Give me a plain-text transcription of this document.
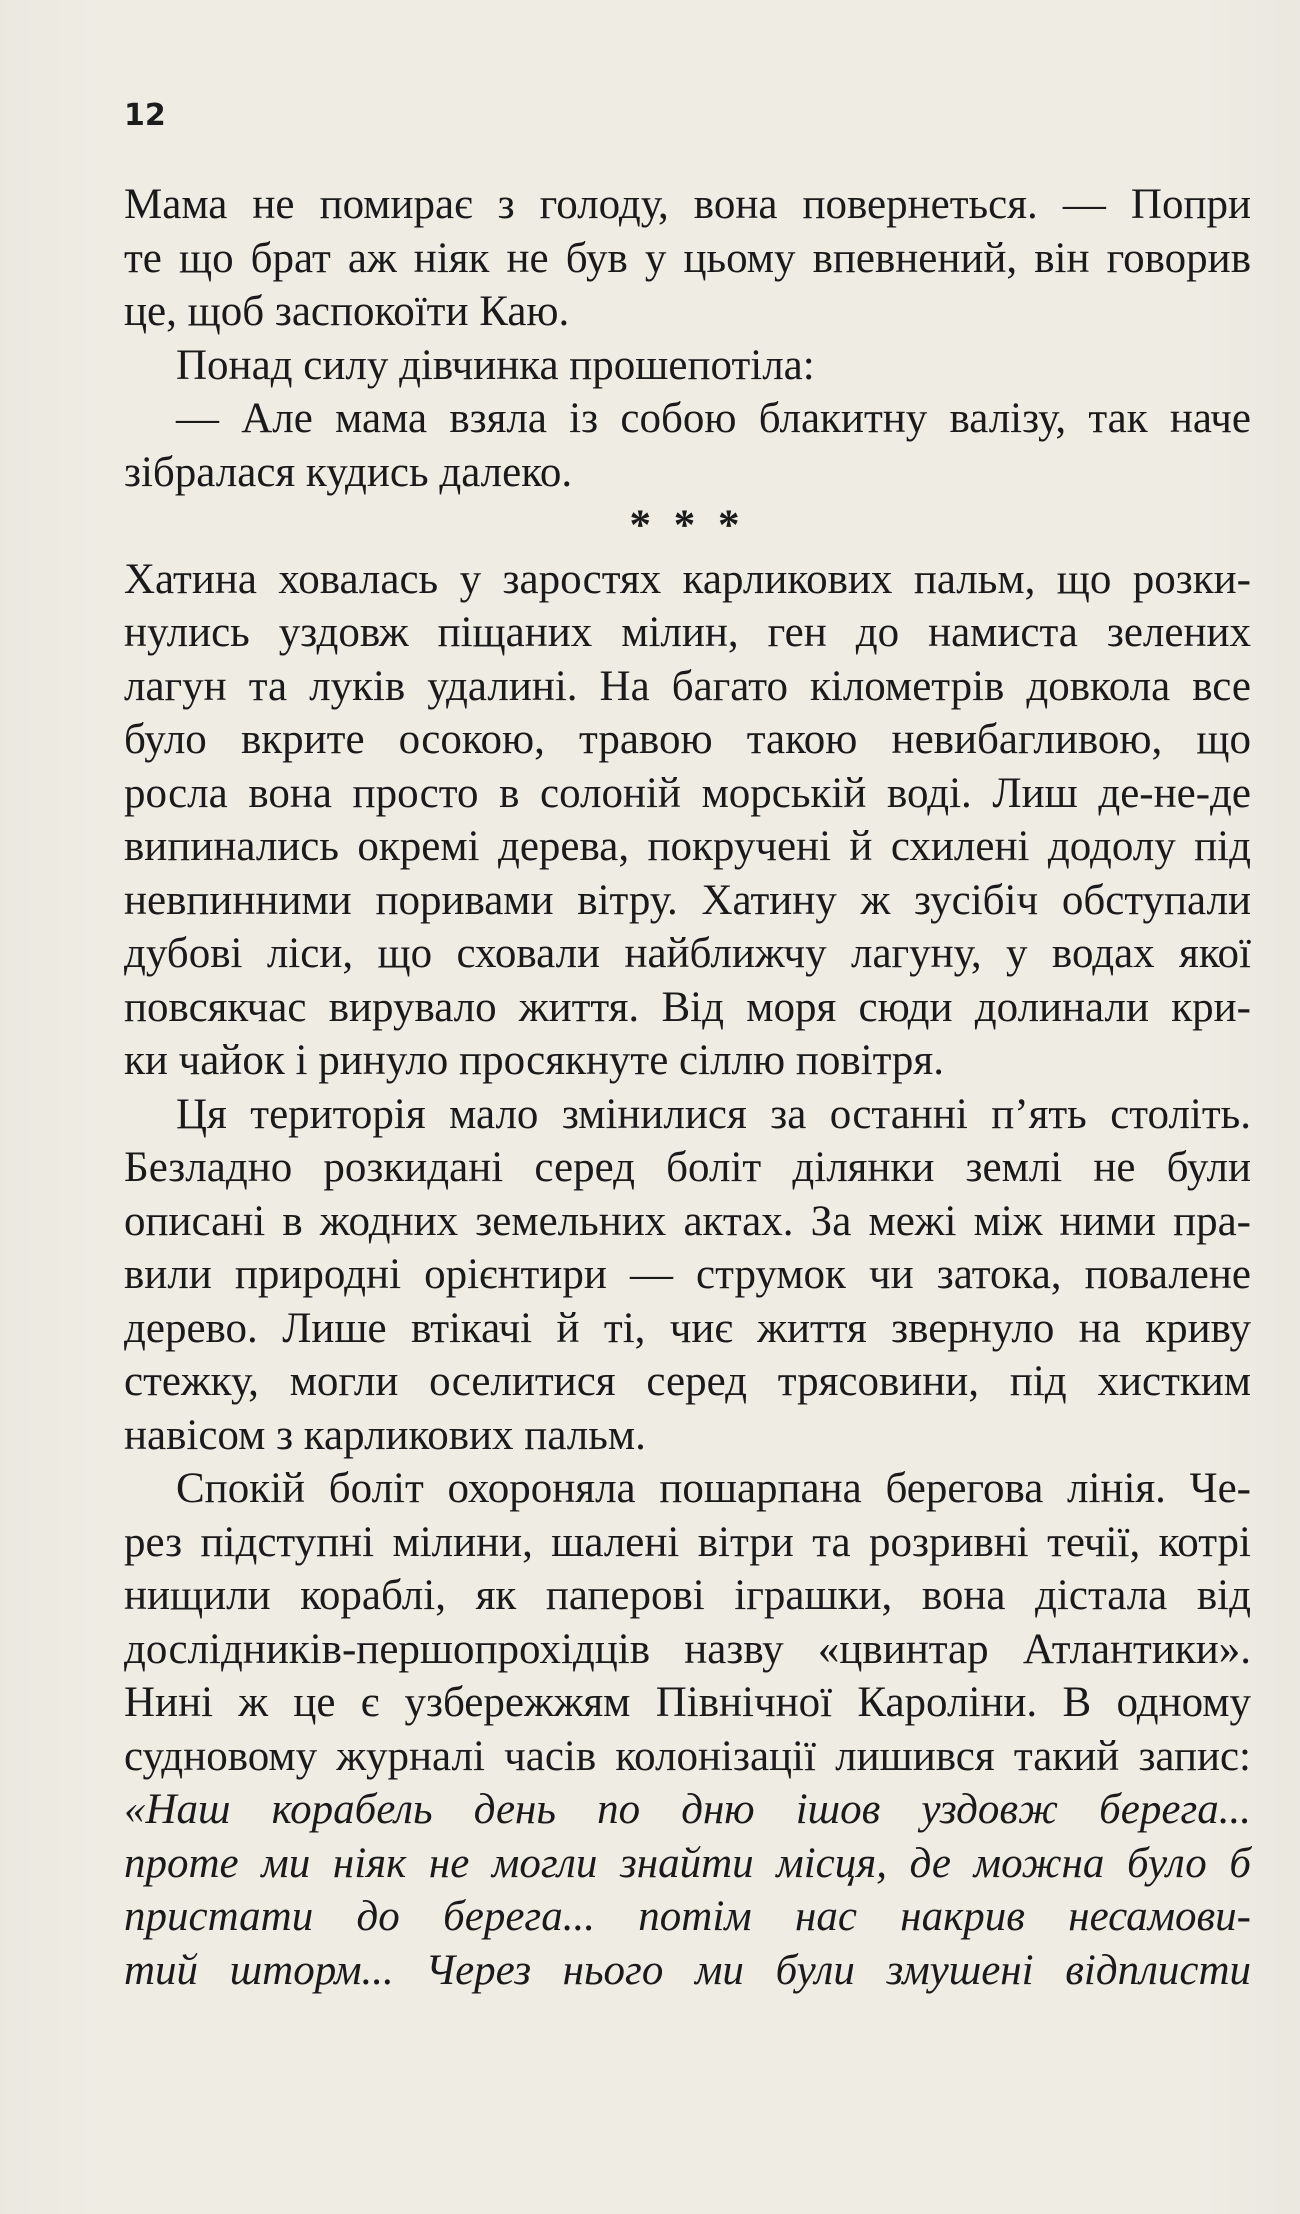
12

Мама не помирає з голоду, вона повернеться. — Попри
те що брат аж ніяк не був у цьому впевнений, він говорив
це, щоб заспокоїти Каю.

Понад силу дівчинка прошепотіла:

— Але мама взяла із собою блакитну валізу, так наче
зібралася кудись далеко.

* * *

Хатина ховалась у заростях карликових пальм, що розки-
нулись уздовж піщаних мілин, ген до намиста зелених
лагун та луків удалині. На багато кілометрів довкола все
було вкрите осокою, травою такою невибагливою, що
росла вона просто в солоній морській воді. Лиш де-не-де
випинались окремі дерева, покручені й схилені додолу під
невпинними поривами вітру. Хатину ж зусібіч обступали
дубові ліси, що сховали найближчу лагуну, у водах якої
повсякчас вирувало життя. Від моря сюди долинали кри-
ки чайок і ринуло просякнуте сіллю повітря.

Ця територія мало змінилися за останні п’ять століть.
Безладно розкидані серед боліт ділянки землі не були
описані в жодних земельних актах. За межі між ними пра-
вили природні орієнтири — струмок чи затока, повалене
дерево. Лише втікачі й ті, чиє життя звернуло на криву
стежку, могли оселитися серед трясовини, під хистким
навісом з карликових пальм.

Спокій боліт охороняла пошарпана берегова лінія. Че-
рез підступні мілини, шалені вітри та розривні течії, котрі
нищили кораблі, як паперові іграшки, вона дістала від
дослідників-першопрохідців назву «цвинтар Атлантики».
Нині ж це є узбережжям Північної Кароліни. В одному
судновому журналі часів колонізації лишився такий запис:

«Наш корабель день по дню ішов уздовж берега...
проте ми ніяк не могли знайти місця, де можна було б
пристати до берега... потім нас накрив несамови-
тий шторм... Через нього ми були змушені відплисти
